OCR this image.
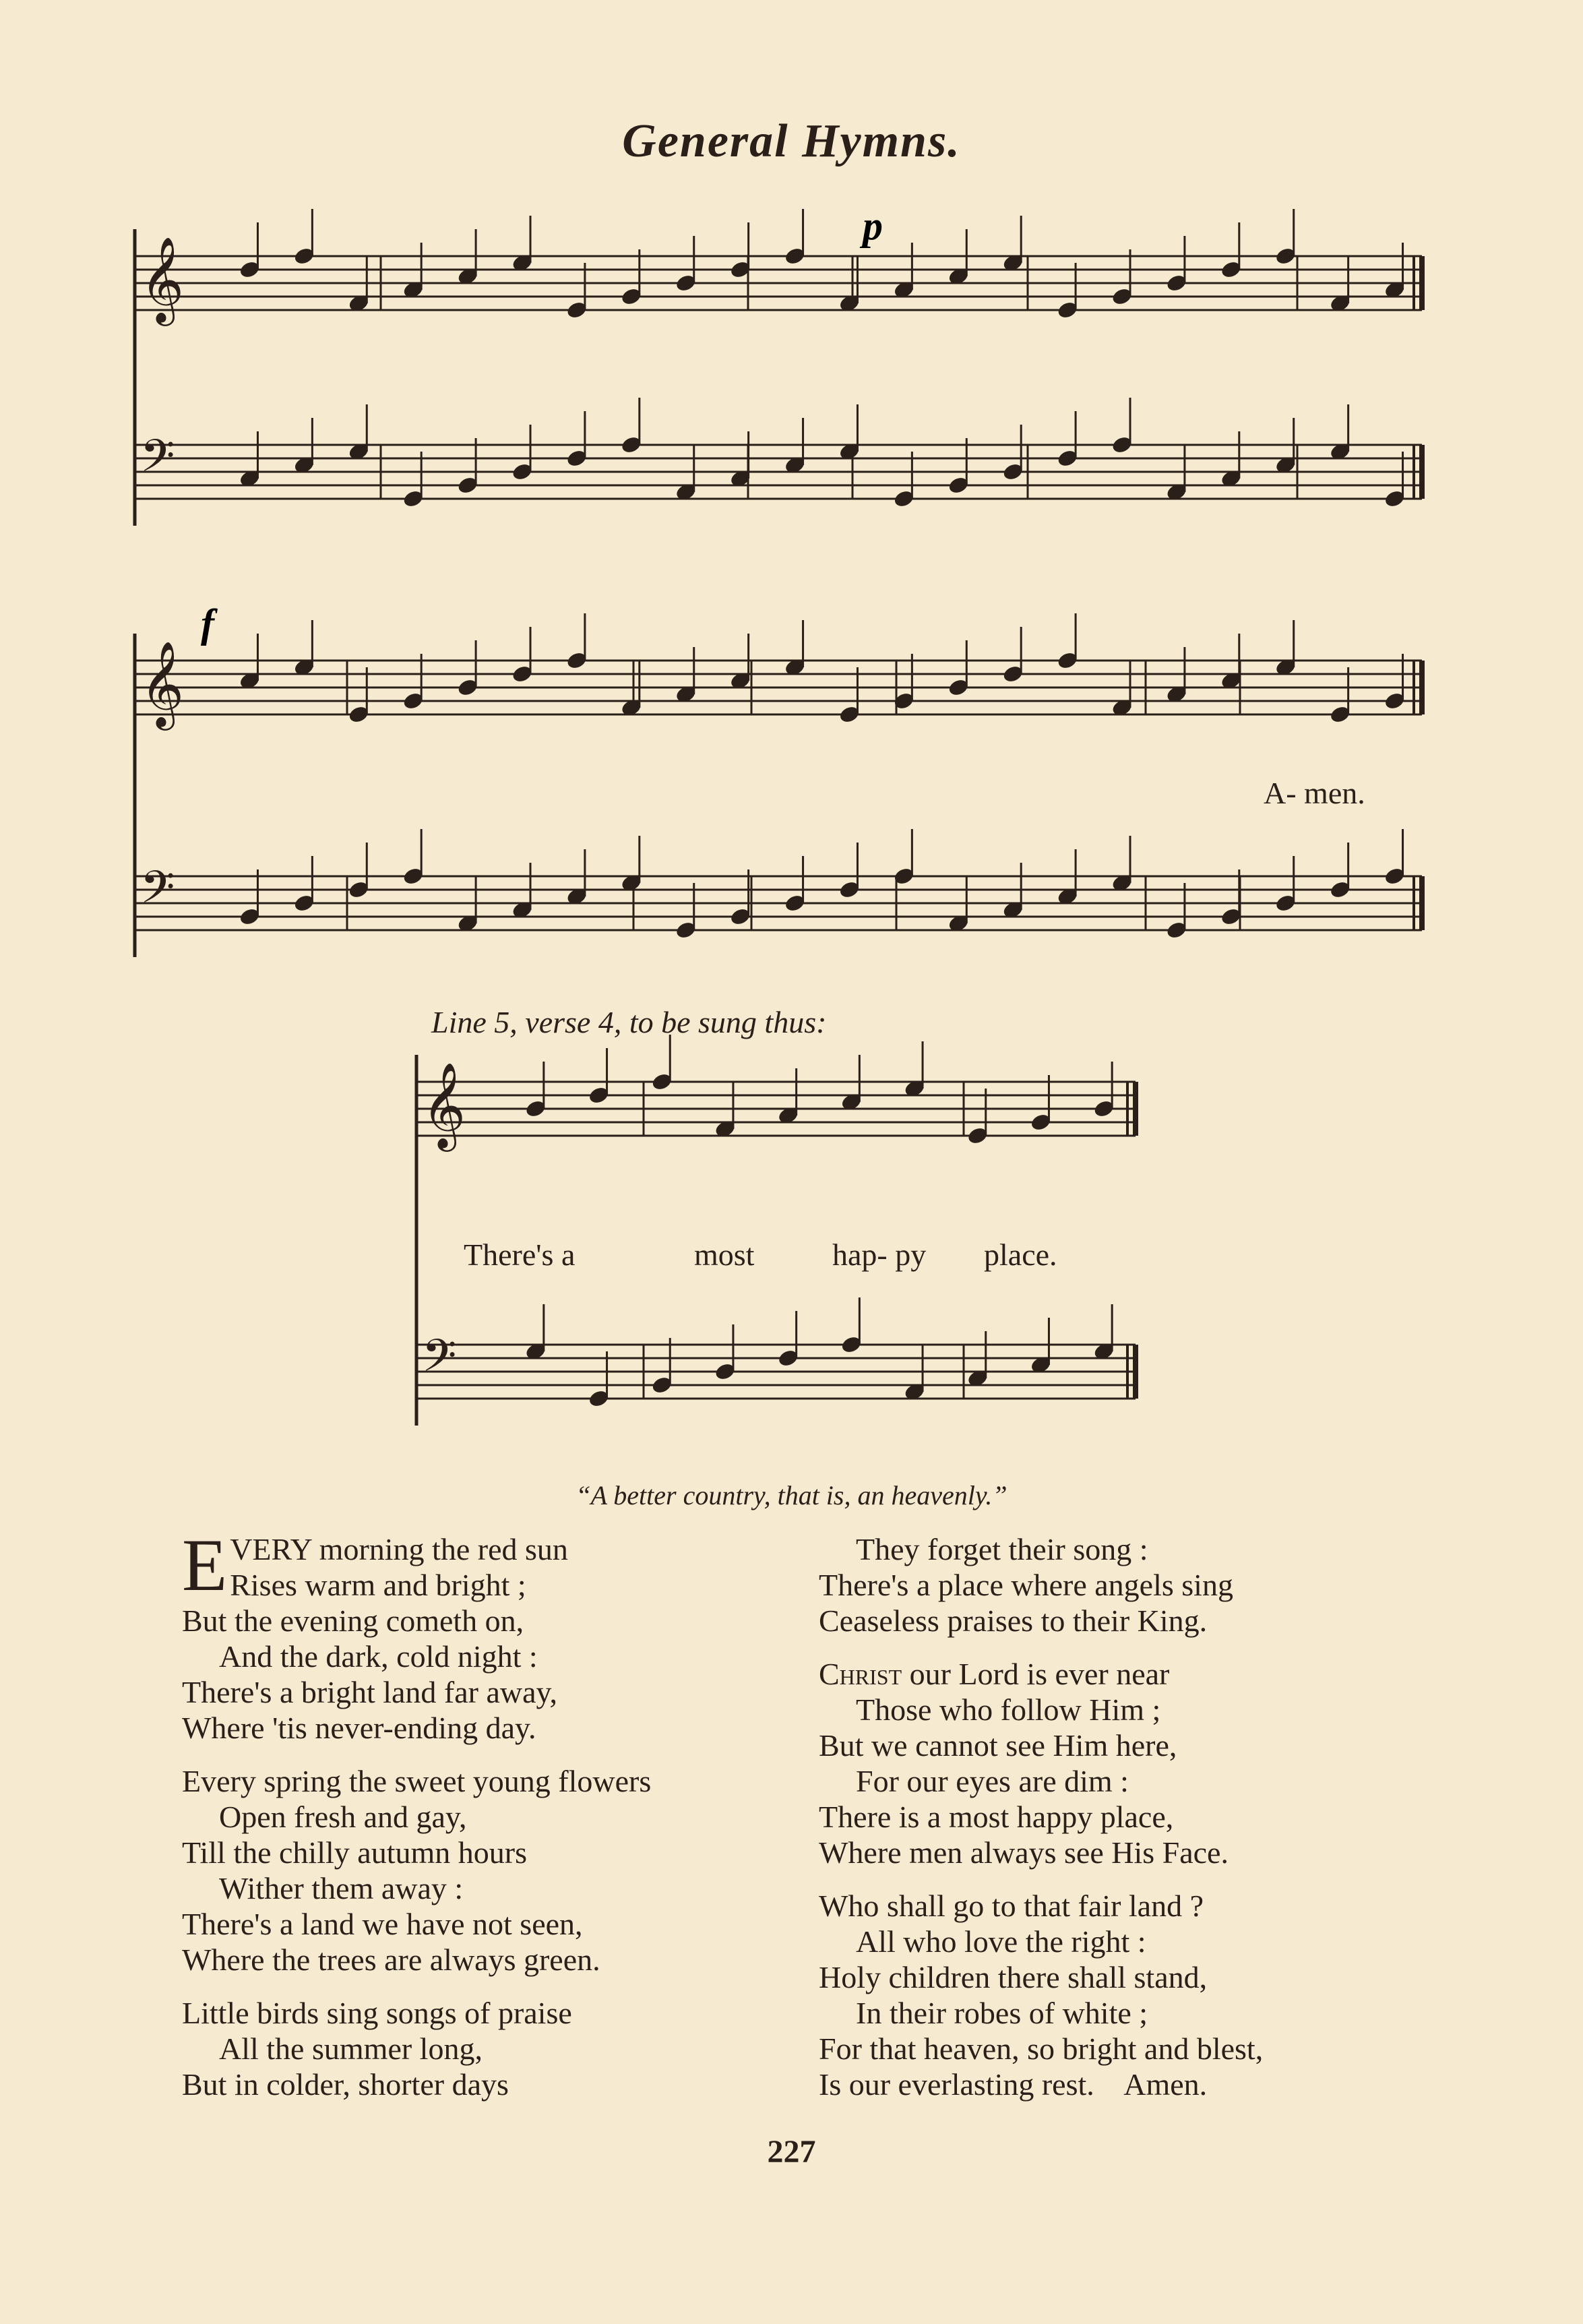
General Hymns.
𝄞
𝄢
𝄞
𝄢
𝄞
𝄢
p
f
A- men.
There's a	most	hap- py place.
Line 5, verse 4, to be sung thus:
“A better country, that is, an heavenly.”
E VERY morning the red sun
Rises warm and bright ;
But the evening cometh on,
And the dark, cold night :
There's a bright land far away,
Where 'tis never-ending day.
Every spring the sweet young flowers
Open fresh and gay,
Till the chilly autumn hours
Wither them away :
There's a land we have not seen,
Where the trees are always green.
Little birds sing songs of praise
All the summer long,
But in colder, shorter days
They forget their song :
There's a place where angels sing
Ceaseless praises to their King.
Christ our Lord is ever near
Those who follow Him ;
But we cannot see Him here,
For our eyes are dim :
There is a most happy place,
Where men always see His Face.
Who shall go to that fair land ?
All who love the right :
Holy children there shall stand,
In their robes of white ;
For that heaven, so bright and blest,
Is our everlasting rest.    Amen.
227
